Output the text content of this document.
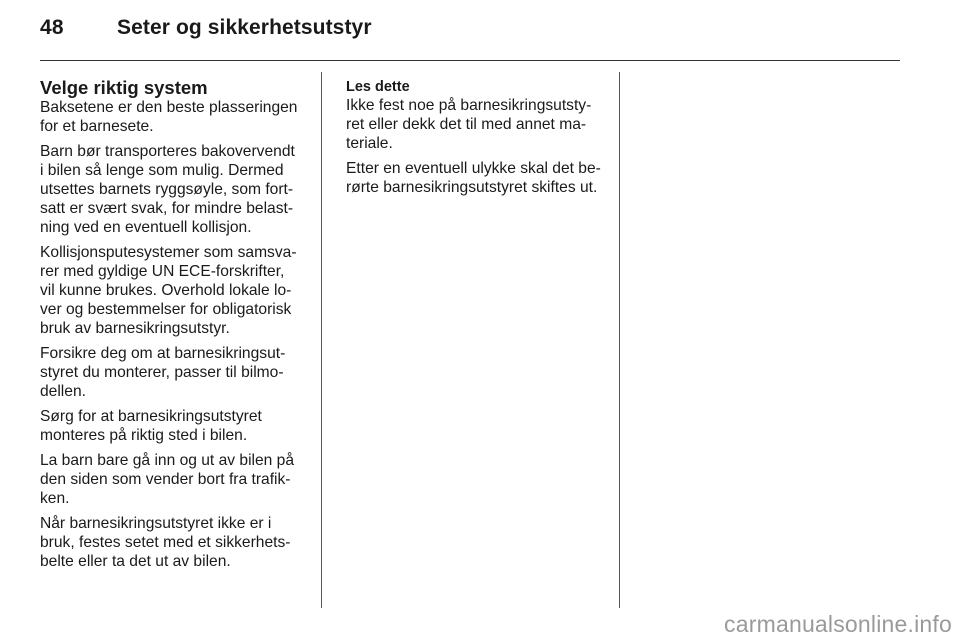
48	Seter og sikkerhetsutstyr
Velge riktig system

Baksetene er den beste plasseringen
for et barnesete.

Barn bør transporteres bakovervendt
i bilen så lenge som mulig. Dermed
utsettes barnets ryggsøyle, som fort-
satt er svært svak, for mindre belast-
ning ved en eventuell kollisjon.

Kollisjonsputesystemer som samsva-
rer med gyldige UN ECE-forskrifter,
vil kunne brukes. Overhold lokale lo-
ver og bestemmelser for obligatorisk
bruk av barnesikringsutstyr.

Forsikre deg om at barnesikringsut-
styret du monterer, passer til bilmo-
dellen.

Sørg for at barnesikringsutstyret
monteres på riktig sted i bilen.

La barn bare gå inn og ut av bilen på
den siden som vender bort fra trafik-
ken.

Når barnesikringsutstyret ikke er i
bruk, festes setet med et sikkerhets-
belte eller ta det ut av bilen.

Les dette

Ikke fest noe på barnesikringsutsty-
ret eller dekk det til med annet ma-
teriale.

Etter en eventuell ulykke skal det be-
rørte barnesikringsutstyret skiftes ut.

carmanualsonline.info
